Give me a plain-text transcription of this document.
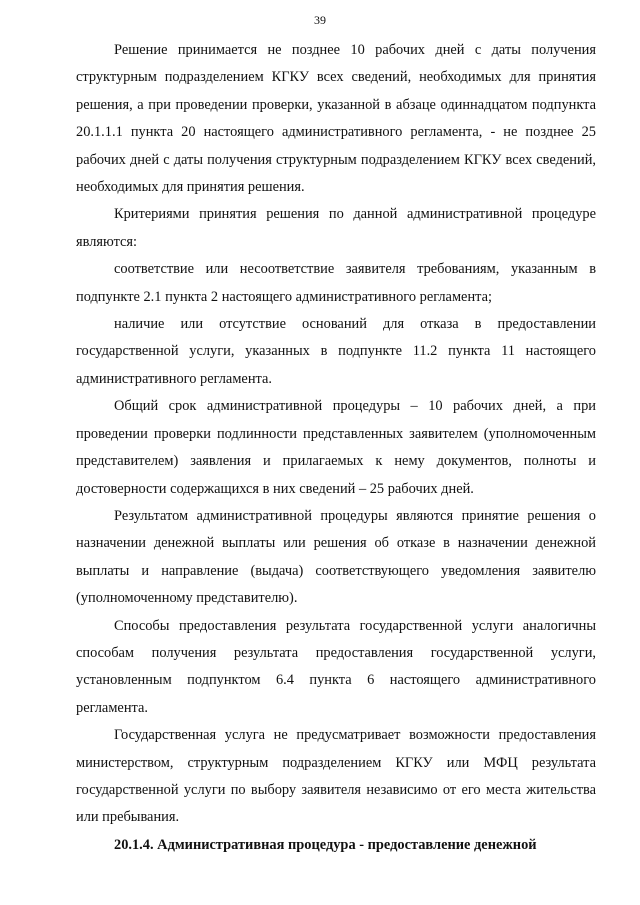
39

Решение принимается не позднее 10 рабочих дней с даты получения структурным подразделением КГКУ всех сведений, необходимых для принятия решения, а при проведении проверки, указанной в абзаце одиннадцатом подпункта 20.1.1.1 пункта 20 настоящего административного регламента, - не позднее 25 рабочих дней с даты получения структурным подразделением КГКУ всех сведений, необходимых для принятия решения.

Критериями принятия решения по данной административной процедуре являются:

соответствие или несоответствие заявителя требованиям, указанным в подпункте 2.1 пункта 2 настоящего административного регламента;

наличие или отсутствие оснований для отказа в предоставлении государственной услуги, указанных в подпункте 11.2 пункта 11 настоящего административного регламента.

Общий срок административной процедуры – 10 рабочих дней, а при проведении проверки подлинности представленных заявителем (уполномоченным представителем) заявления и прилагаемых к нему документов, полноты и достоверности содержащихся в них сведений – 25 рабочих дней.

Результатом административной процедуры являются принятие решения о назначении денежной выплаты или решения об отказе в назначении денежной выплаты и направление (выдача) соответствующего уведомления заявителю (уполномоченному представителю).

Способы предоставления результата государственной услуги аналогичны способам получения результата предоставления государственной услуги, установленным подпунктом 6.4 пункта 6 настоящего административного регламента.

Государственная услуга не предусматривает возможности предоставления министерством, структурным подразделением КГКУ или МФЦ результата государственной услуги по выбору заявителя независимо от его места жительства или пребывания.

20.1.4. Административная процедура - предоставление денежной
